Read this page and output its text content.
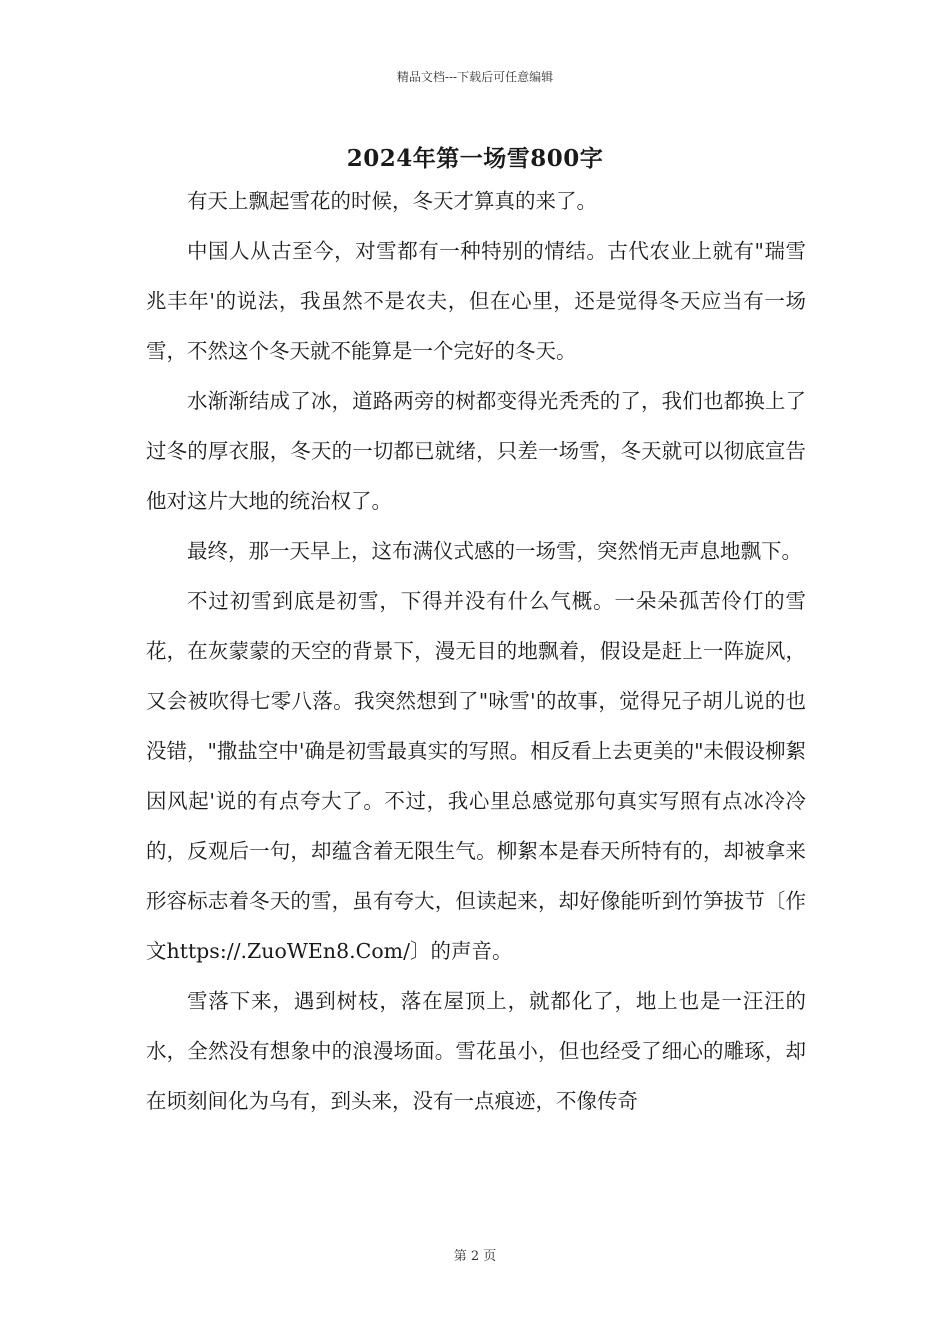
精品文档---下载后可任意编辑
2024年第一场雪800字

有天上飘起雪花的时候，冬天才算真的来了。

中国人从古至今，对雪都有一种特别的情结。古代农业上就有"瑞雪兆丰年'的说法，我虽然不是农夫，但在心里，还是觉得冬天应当有一场雪，不然这个冬天就不能算是一个完好的冬天。

水渐渐结成了冰，道路两旁的树都变得光秃秃的了，我们也都换上了过冬的厚衣服，冬天的一切都已就绪，只差一场雪，冬天就可以彻底宣告他对这片大地的统治权了。

最终，那一天早上，这布满仪式感的一场雪，突然悄无声息地飘下。

不过初雪到底是初雪，下得并没有什么气概。一朵朵孤苦伶仃的雪花，在灰蒙蒙的天空的背景下，漫无目的地飘着，假设是赶上一阵旋风，又会被吹得七零八落。我突然想到了"咏雪'的故事，觉得兄子胡儿说的也没错，"撒盐空中'确是初雪最真实的写照。相反看上去更美的"未假设柳絮因风起'说的有点夸大了。不过，我心里总感觉那句真实写照有点冰冷冷的，反观后一句，却蕴含着无限生气。柳絮本是春天所特有的，却被拿来形容标志着冬天的雪，虽有夸大，但读起来，却好像能听到竹笋拔节〔作文https://.ZuoWEn8.Com/〕的声音。

雪落下来，遇到树枝，落在屋顶上，就都化了，地上也是一汪汪的水，全然没有想象中的浪漫场面。雪花虽小，但也经受了细心的雕琢，却在顷刻间化为乌有，到头来，没有一点痕迹，不像传奇

第 2 页
